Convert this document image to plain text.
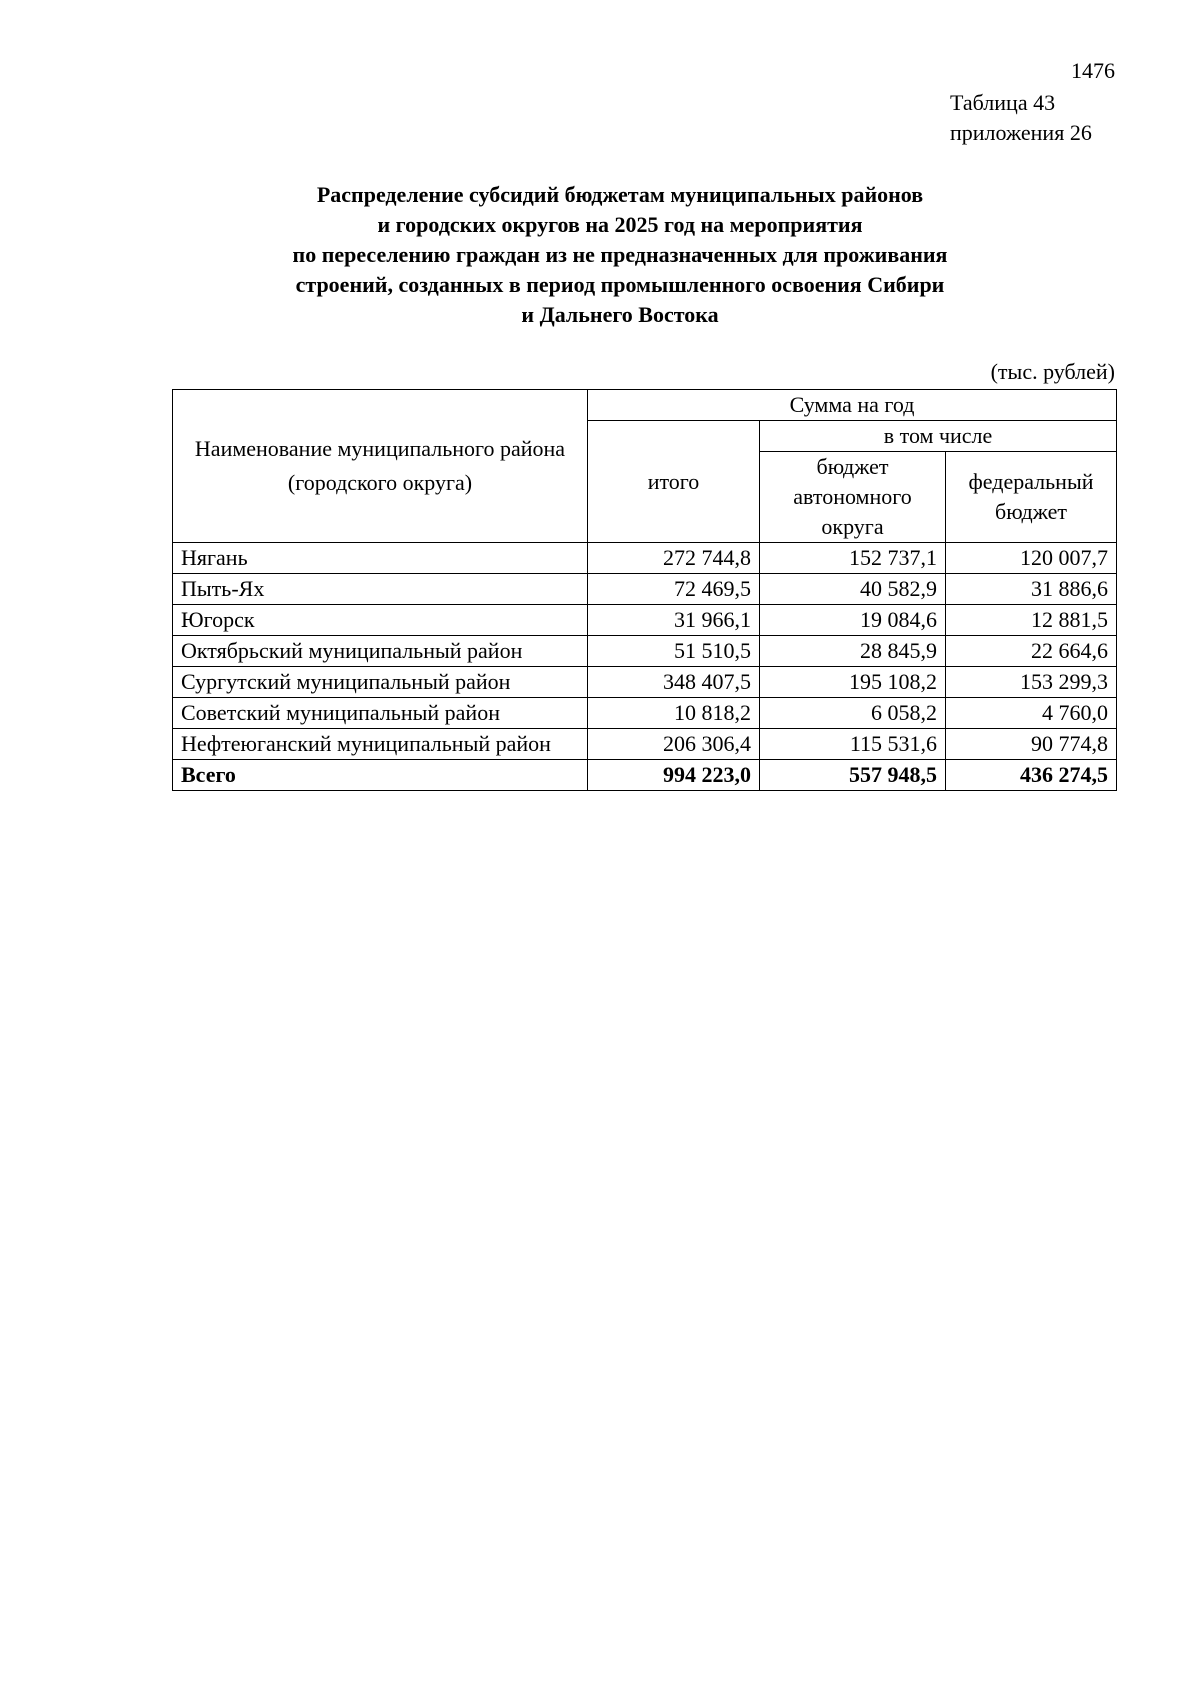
1476
Таблица 43
приложения 26
Распределение субсидий бюджетам муниципальных районов
и городских округов на 2025 год на мероприятия
по переселению граждан из не предназначенных для проживания
строений, созданных в период промышленного освоения Сибири
и Дальнего Востока
(тыс. рублей)
Наименование муниципального района (городского округа)	Сумма на год		
	итого	в том числе	
		бюджет автономного округа	федеральный бюджет
Нягань	272 744,8	152 737,1	120 007,7
Пыть-Ях	72 469,5	40 582,9	31 886,6
Югорск	31 966,1	19 084,6	12 881,5
Октябрьский муниципальный район	51 510,5	28 845,9	22 664,6
Сургутский муниципальный район	348 407,5	195 108,2	153 299,3
Советский муниципальный район	10 818,2	6 058,2	4 760,0
Нефтеюганский муниципальный район	206 306,4	115 531,6	90 774,8
Всего	994 223,0	557 948,5	436 274,5
